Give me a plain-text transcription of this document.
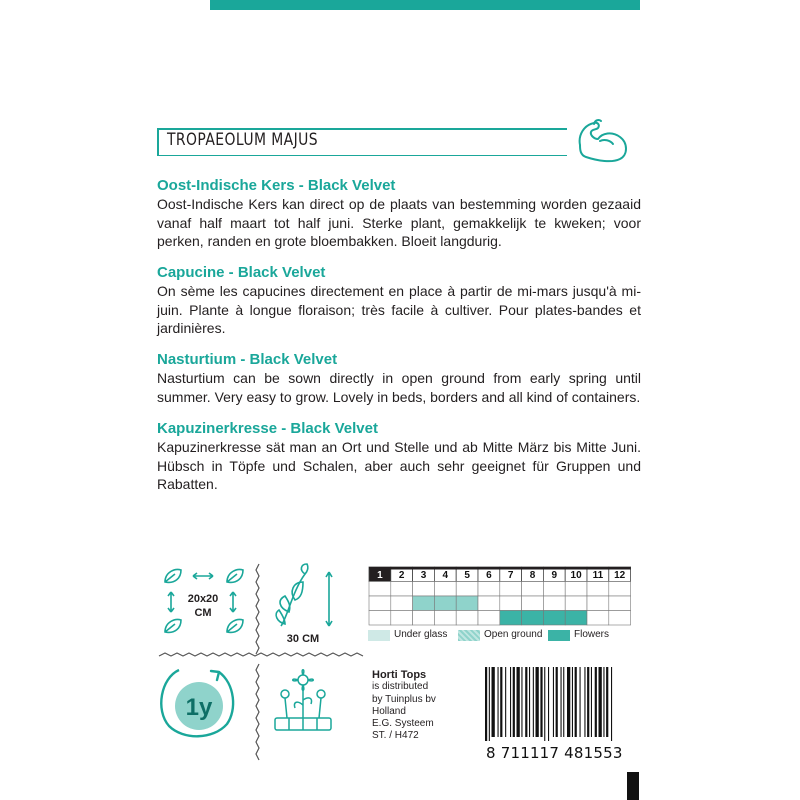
TROPAEOLUM MAJUS
Oost-Indische Kers - Black Velvet

Oost-Indische Kers kan direct op de plaats van bestemming worden gezaaid vanaf half maart tot half juni. Sterke plant, gemakkelijk te kweken; voor perken, randen en grote bloembakken. Bloeit langdurig.

Capucine - Black Velvet

On sème les capucines directement en place à partir de mi-mars jusqu'à mi-juin. Plante à longue floraison; très facile à cultiver. Pour plates-bandes et jardinières.

Nasturtium - Black Velvet

Nasturtium can be sown directly in open ground from early spring until summer. Very easy to grow. Lovely in beds, borders and all kind of containers.

Kapuzinerkresse - Black Velvet

Kapuzinerkresse sät man an Ort und Stelle und ab Mitte März bis Mitte Juni. Hübsch in Töpfe und Schalen, aber auch sehr geeignet für Gruppen und Rabatten.

20x20
CM
30 CM
1y
1 2 3 4 5 6 7 8 9 10 11 12
Under glass	Open ground	Flowers
Horti Tops
is distributed
by Tuinplus bv
Holland
E.G. Systeem
ST. / H472
8 711117 481553
